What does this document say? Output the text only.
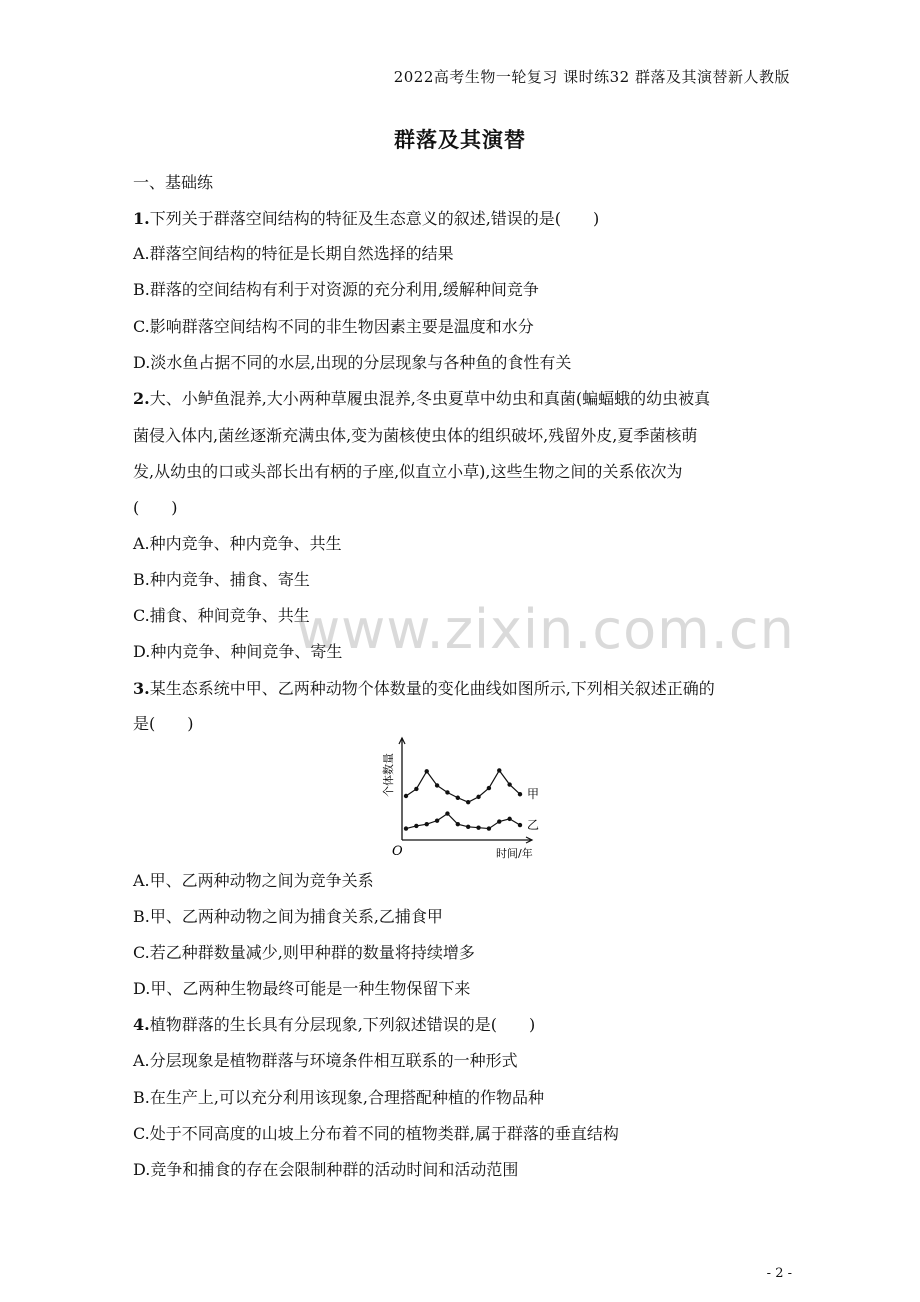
2022高考生物一轮复习 课时练32 群落及其演替新人教版
群落及其演替
一、基础练
1.下列关于群落空间结构的特征及生态意义的叙述,错误的是(　　)
A.群落空间结构的特征是长期自然选择的结果
B.群落的空间结构有利于对资源的充分利用,缓解种间竞争
C.影响群落空间结构不同的非生物因素主要是温度和水分
D.淡水鱼占据不同的水层,出现的分层现象与各种鱼的食性有关
2.大、小鲈鱼混养,大小两种草履虫混养,冬虫夏草中幼虫和真菌(蝙蝠蛾的幼虫被真
菌侵入体内,菌丝逐渐充满虫体,变为菌核使虫体的组织破坏,残留外皮,夏季菌核萌
发,从幼虫的口或头部长出有柄的子座,似直立小草),这些生物之间的关系依次为
(　　)
A.种内竞争、种内竞争、共生
B.种内竞争、捕食、寄生
C.捕食、种间竞争、共生
D.种内竞争、种间竞争、寄生
3.某生态系统中甲、乙两种动物个体数量的变化曲线如图所示,下列相关叙述正确的
是(　　)
个体数量
时间/年
O
甲
乙
A.甲、乙两种动物之间为竞争关系
B.甲、乙两种动物之间为捕食关系,乙捕食甲
C.若乙种群数量减少,则甲种群的数量将持续增多
D.甲、乙两种生物最终可能是一种生物保留下来
4.植物群落的生长具有分层现象,下列叙述错误的是(　　)
A.分层现象是植物群落与环境条件相互联系的一种形式
B.在生产上,可以充分利用该现象,合理搭配种植的作物品种
C.处于不同高度的山坡上分布着不同的植物类群,属于群落的垂直结构
D.竞争和捕食的存在会限制种群的活动时间和活动范围
www.zixin.com.cn
- 2 -
